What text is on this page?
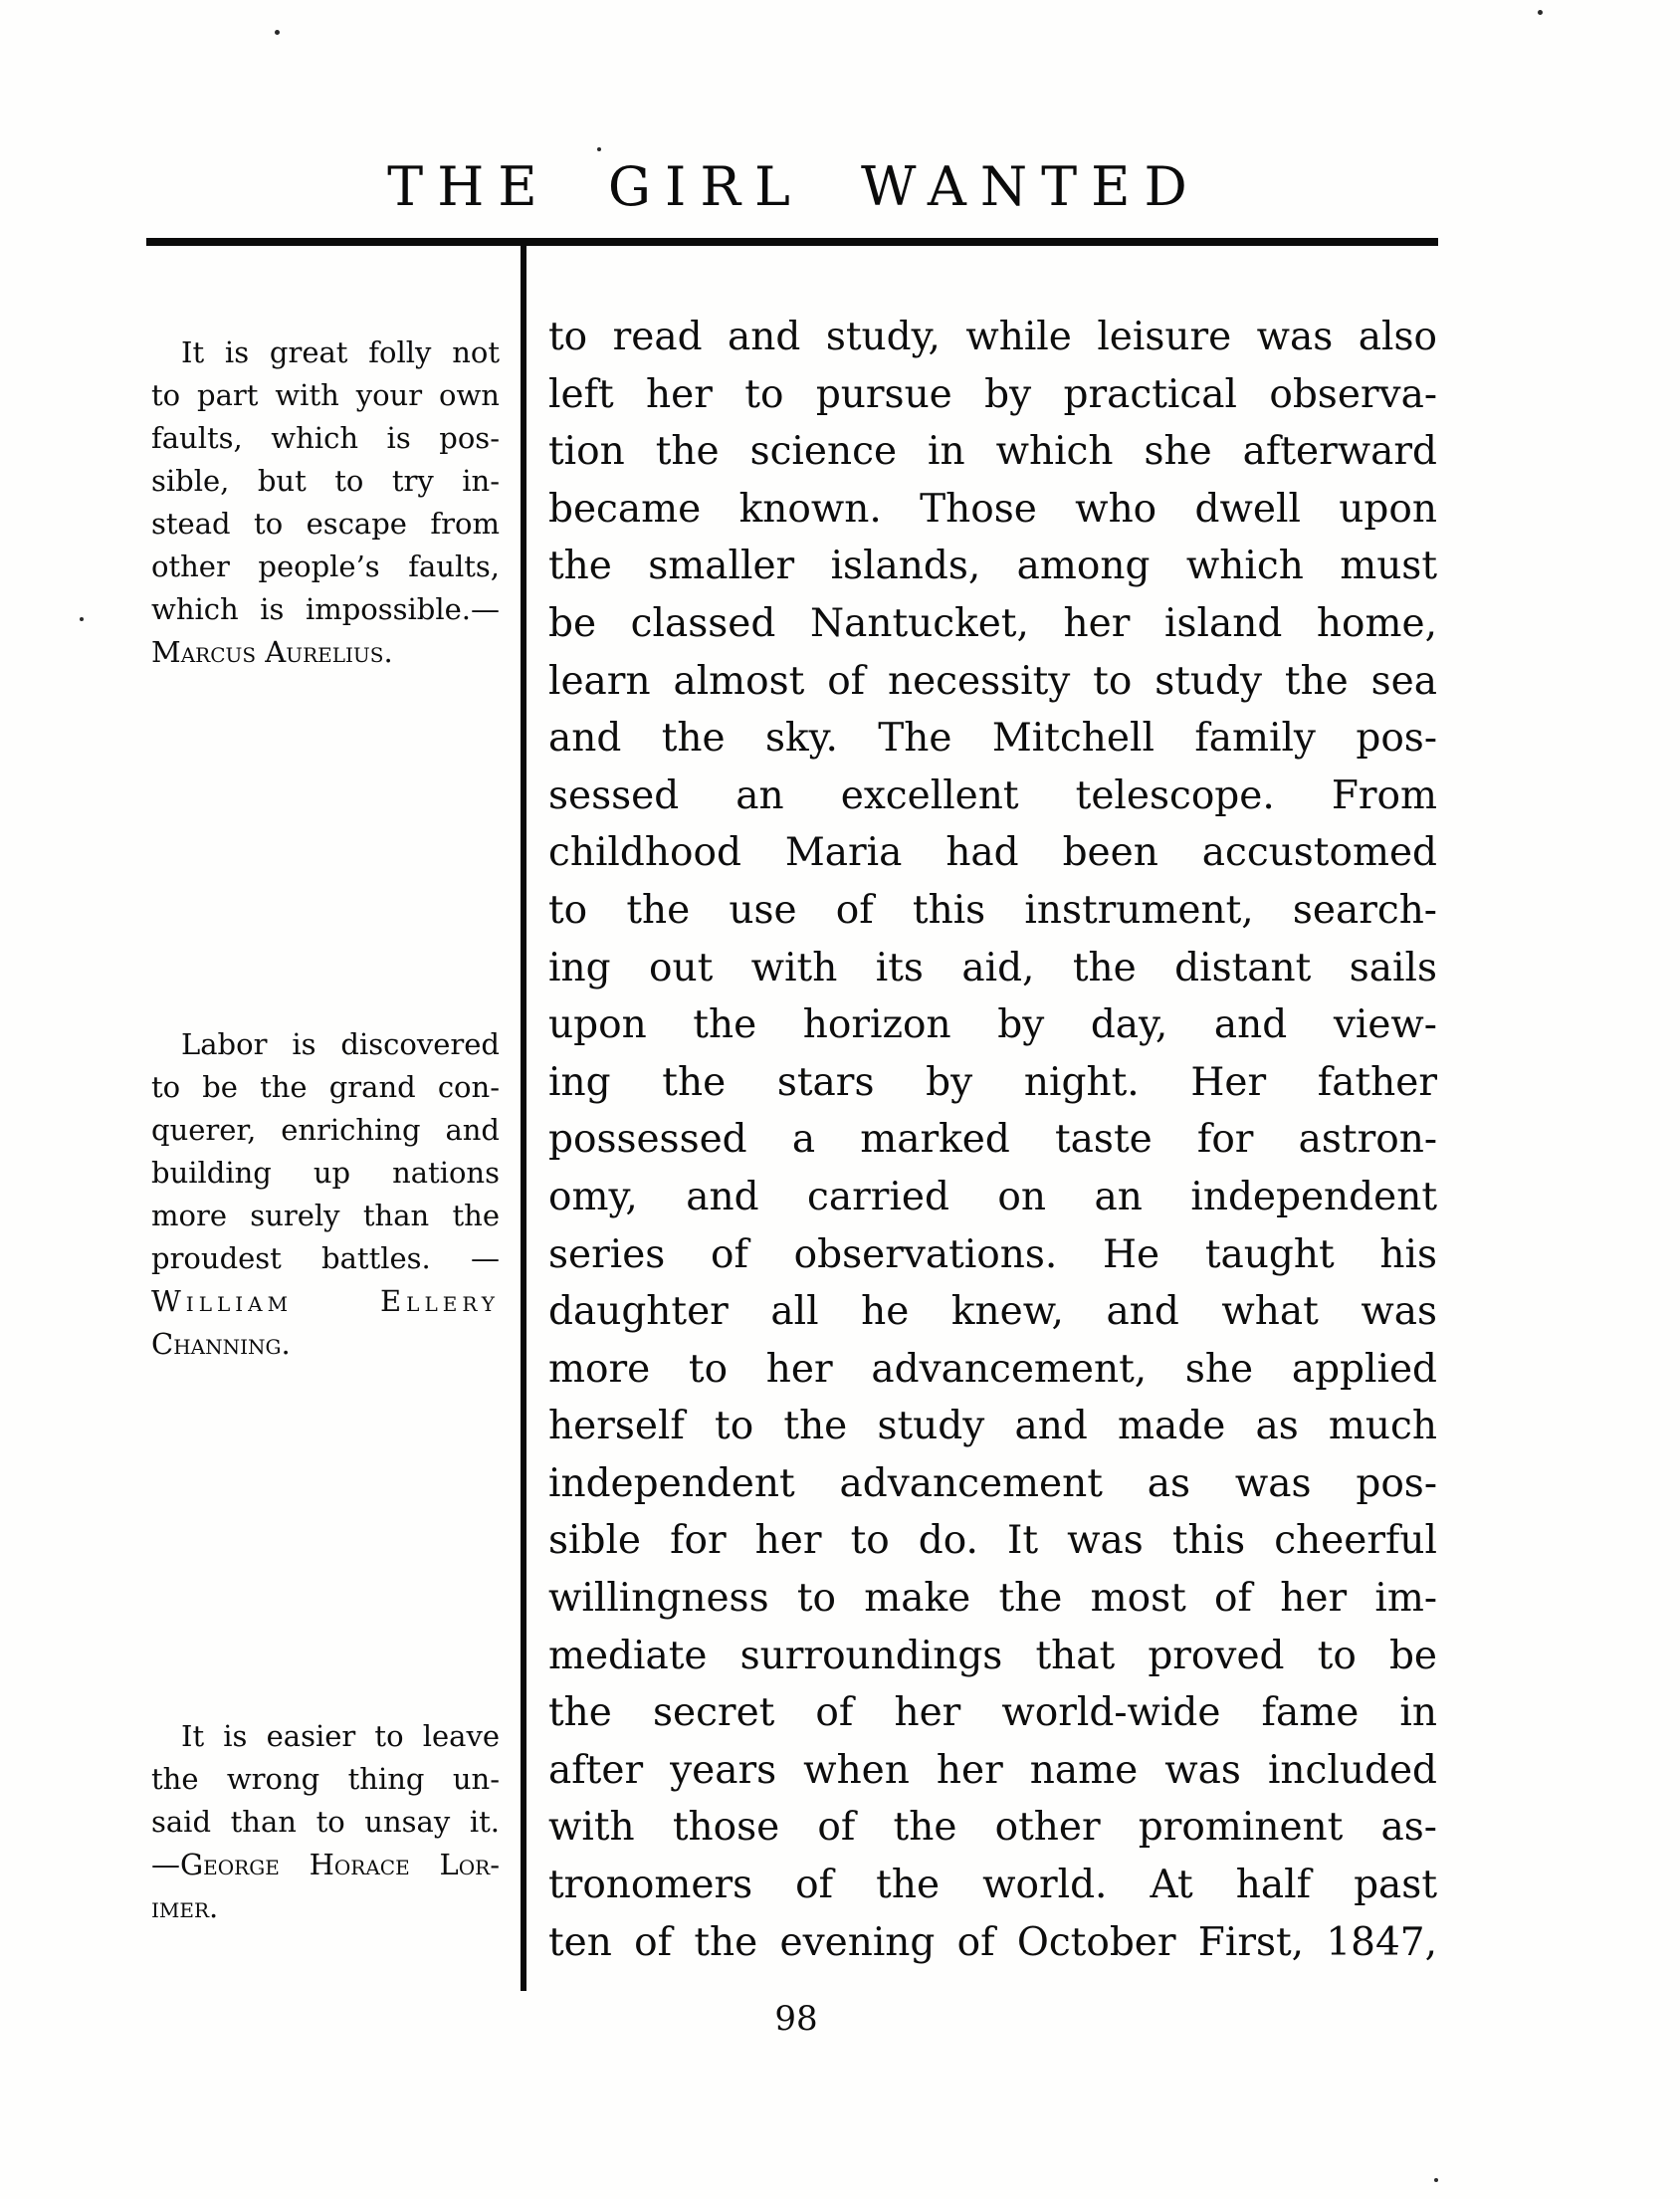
THE GIRL WANTED
It is great folly not
to part with your own
faults, which is pos-
sible, but to try in-
stead to escape from
other people’s faults,
which is impossible.—
Marcus Aurelius.
Labor is discovered
to be the grand con-
querer, enriching and
building up nations
more surely than the
proudest battles. —
William Ellery
Channing.
It is easier to leave
the wrong thing un-
said than to unsay it.
—George Horace Lor-
imer.
to read and study, while leisure was also
left her to pursue by practical observa-
tion the science in which she afterward
became known. Those who dwell upon
the smaller islands, among which must
be classed Nantucket, her island home,
learn almost of necessity to study the sea
and the sky. The Mitchell family pos-
sessed an excellent telescope. From
childhood Maria had been accustomed
to the use of this instrument, search-
ing out with its aid, the distant sails
upon the horizon by day, and view-
ing the stars by night. Her father
possessed a marked taste for astron-
omy, and carried on an independent
series of observations. He taught his
daughter all he knew, and what was
more to her advancement, she applied
herself to the study and made as much
independent advancement as was pos-
sible for her to do. It was this cheerful
willingness to make the most of her im-
mediate surroundings that proved to be
the secret of her world-wide fame in
after years when her name was included
with those of the other prominent as-
tronomers of the world. At half past
ten of the evening of October First, 1847,
98
